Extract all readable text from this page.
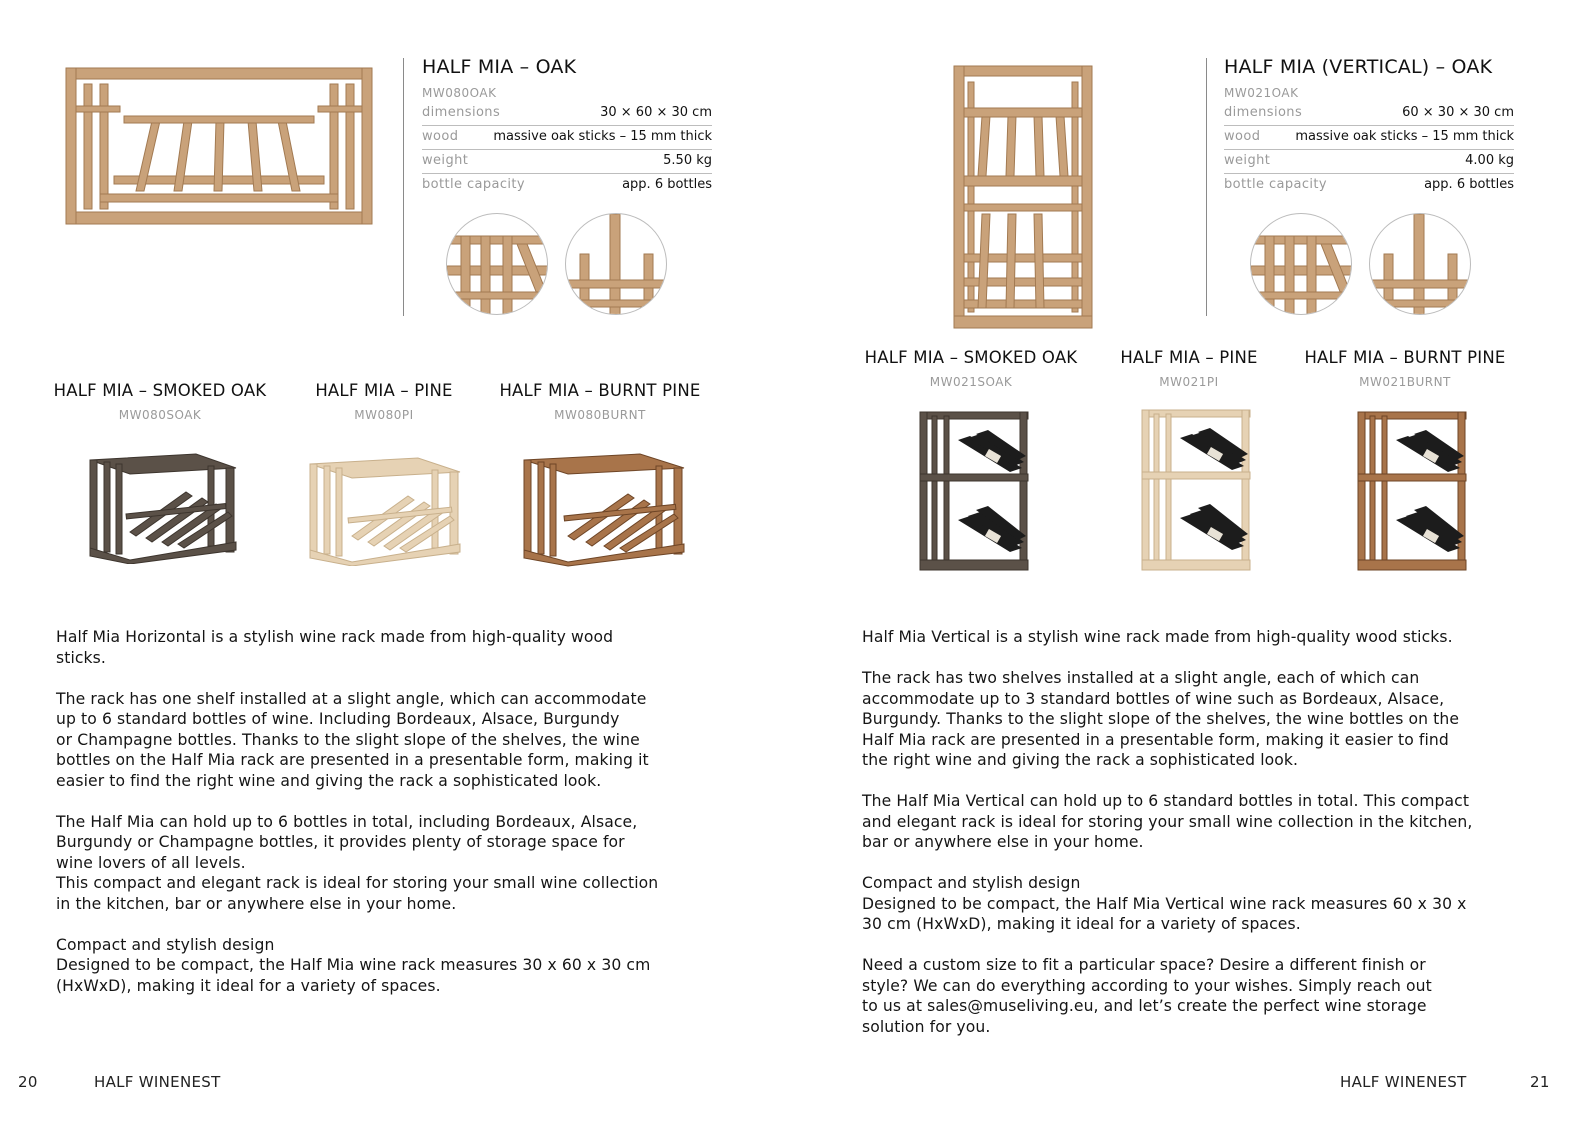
HALF MIA – OAK
MW080OAK
dimensions	30 × 60 × 30 cm
wood	massive oak sticks – 15 mm thick
weight	5.50 kg
bottle capacity	app. 6 bottles
HALF MIA – SMOKED OAK
MW080SOAK
HALF MIA – PINE
MW080PI
HALF MIA – BURNT PINE
MW080BURNT

Half Mia Horizontal is a stylish wine rack made from high-quality wood
sticks.

The rack has one shelf installed at a slight angle, which can accommodate
up to 6 standard bottles of wine. Including Bordeaux, Alsace, Burgundy
or Champagne bottles. Thanks to the slight slope of the shelves, the wine
bottles on the Half Mia rack are presented in a presentable form, making it
easier to find the right wine and giving the rack a sophisticated look.

The Half Mia can hold up to 6 bottles in total, including Bordeaux, Alsace,
Burgundy or Champagne bottles, it provides plenty of storage space for
wine lovers of all levels.
This compact and elegant rack is ideal for storing your small wine collection
in the kitchen, bar or anywhere else in your home.

Compact and stylish design
Designed to be compact, the Half Mia wine rack measures 30 x 60 x 30 cm
(HxWxD), making it ideal for a variety of spaces.

20	HALF WINENEST
HALF MIA (VERTICAL) – OAK
MW021OAK
dimensions	60 × 30 × 30 cm
wood	massive oak sticks – 15 mm thick
weight	4.00 kg
bottle capacity	app. 6 bottles
HALF MIA – SMOKED OAK
MW021SOAK
HALF MIA – PINE
MW021PI
HALF MIA – BURNT PINE
MW021BURNT

Half Mia Vertical is a stylish wine rack made from high-quality wood sticks.

The rack has two shelves installed at a slight angle, each of which can
accommodate up to 3 standard bottles of wine such as Bordeaux, Alsace,
Burgundy. Thanks to the slight slope of the shelves, the wine bottles on the
Half Mia rack are presented in a presentable form, making it easier to find
the right wine and giving the rack a sophisticated look.

The Half Mia Vertical can hold up to 6 standard bottles in total. This compact
and elegant rack is ideal for storing your small wine collection in the kitchen,
bar or anywhere else in your home.

Compact and stylish design
Designed to be compact, the Half Mia Vertical wine rack measures 60 x 30 x
30 cm (HxWxD), making it ideal for a variety of spaces.

Need a custom size to fit a particular space? Desire a different finish or
style? We can do everything according to your wishes. Simply reach out
to us at sales@museliving.eu, and let’s create the perfect wine storage
solution for you.

HALF WINENEST	21
